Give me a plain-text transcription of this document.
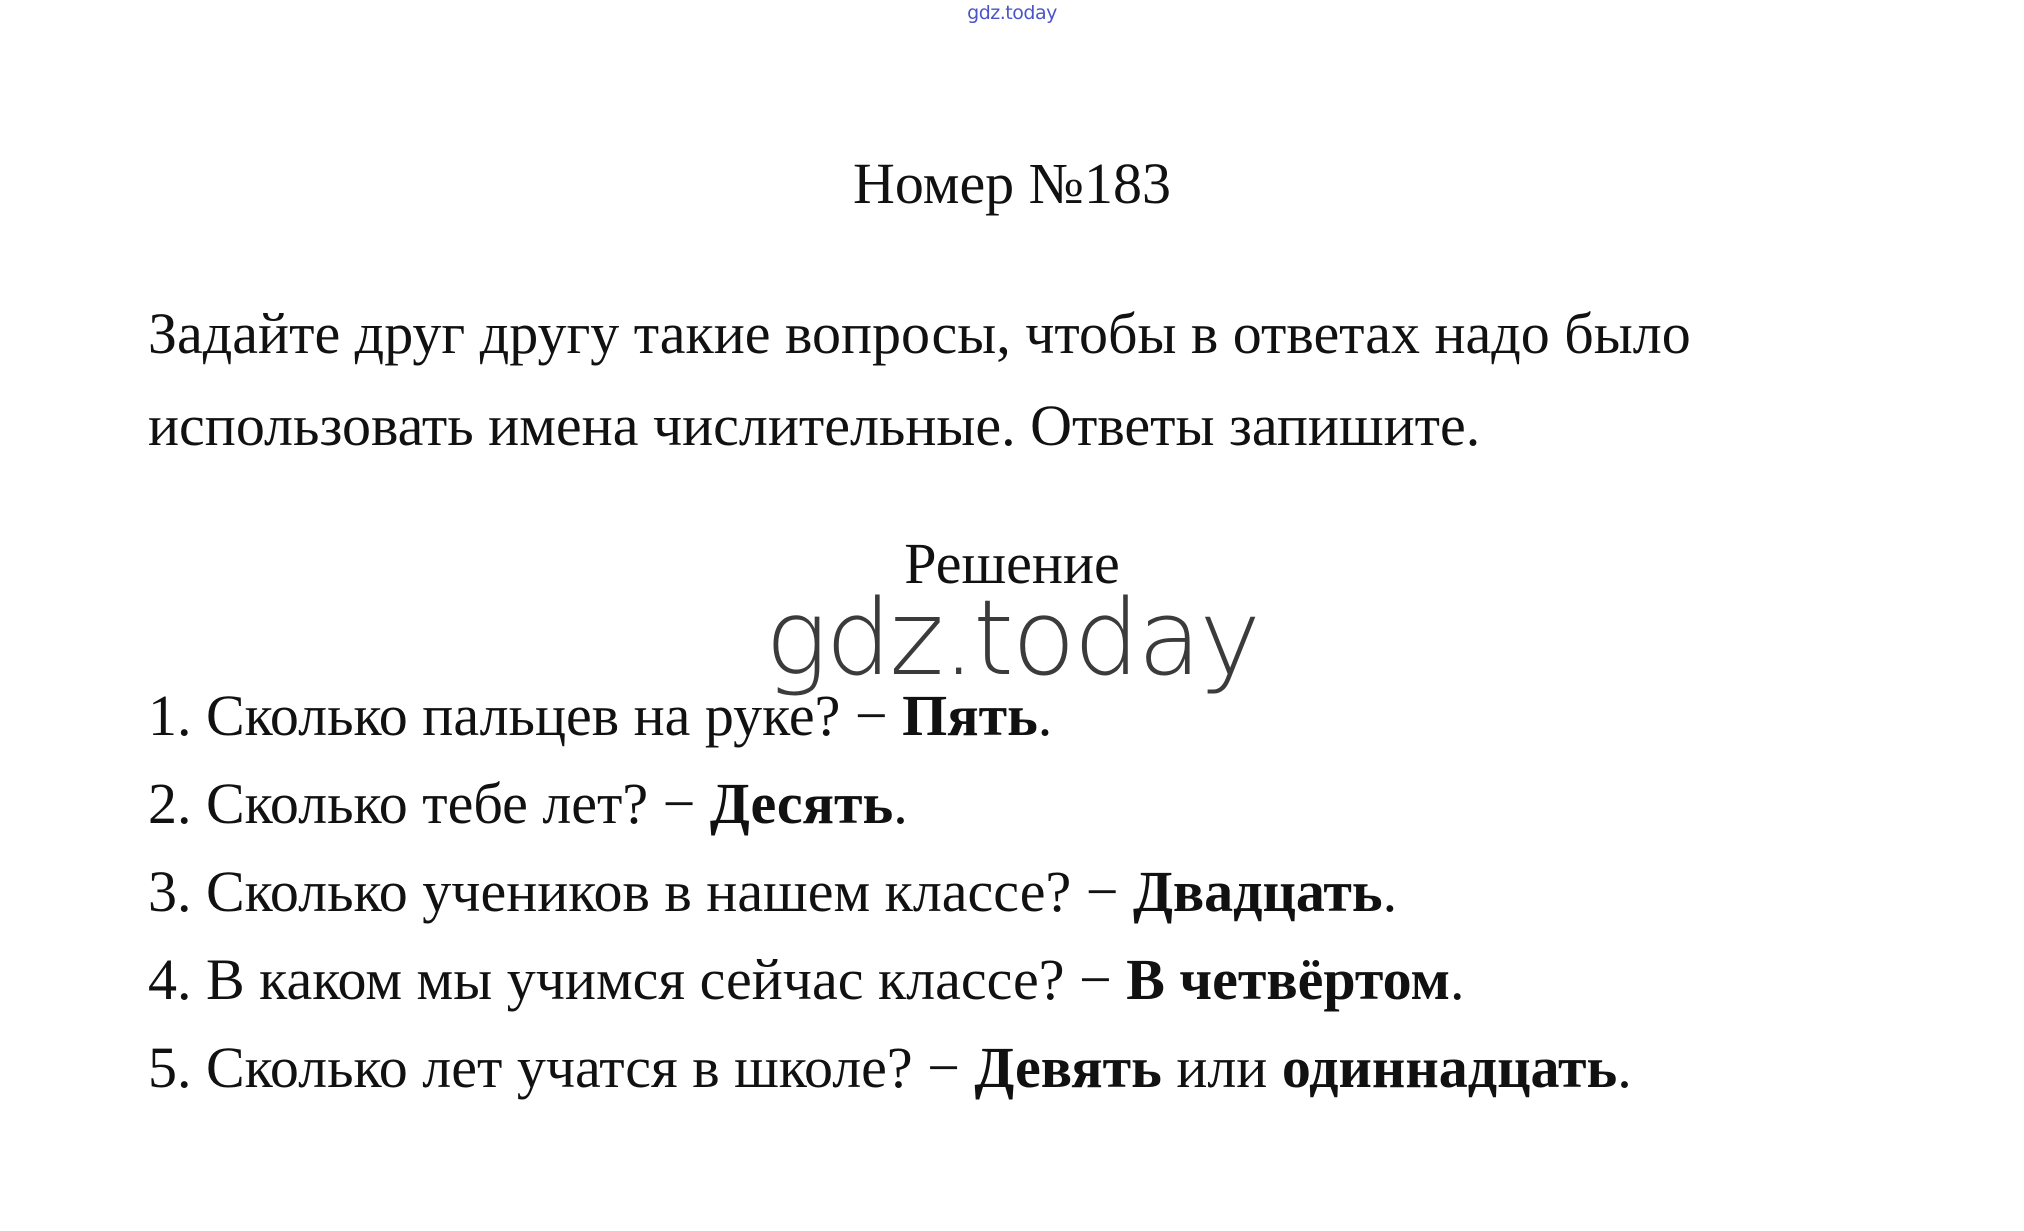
gdz.today
Номер №183

Задайте друг другу такие вопросы, чтобы в ответах надо было использовать имена числительные. Ответы запишите.

Решение
gdz.today
1. Сколько пальцев на руке? − Пять.
2. Сколько тебе лет? − Десять.
3. Сколько учеников в нашем классе? − Двадцать.
4. В каком мы учимся сейчас классе? − В четвёртом.
5. Сколько лет учатся в школе? − Девять или одиннадцать.
